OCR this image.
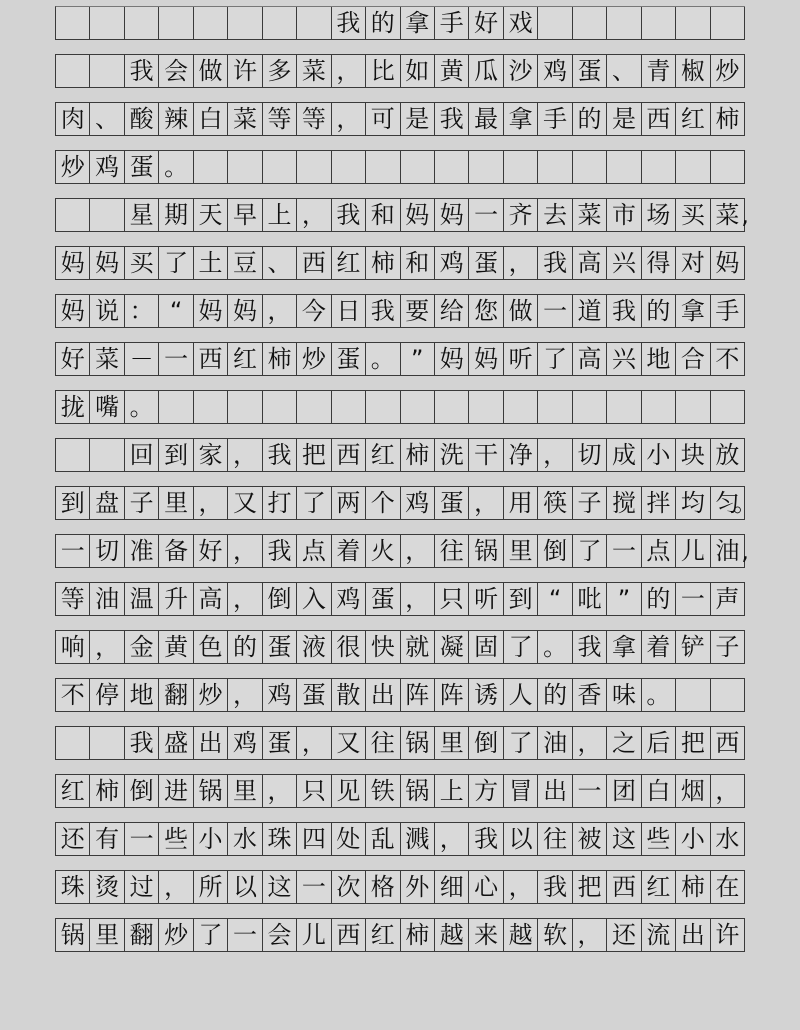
我 的 拿 手 好 戏
我 会 做 许 多 菜 ， 比 如 黄 瓜 沙 鸡 蛋 、 青 椒 炒
肉 、 酸 辣 白 菜 等 等 ， 可 是 我 最 拿 手 的 是 西 红 柿
炒 鸡 蛋 。
星 期 天 早 上 ， 我 和 妈 妈 一 齐 去 菜 市 场 买 菜 ,
妈 妈 买 了 土 豆 、 西 红 柿 和 鸡 蛋 ， 我 高 兴 得 对 妈
妈 说 ： “ 妈 妈 ， 今 日 我 要 给 您 做 一 道 我 的 拿 手
好 菜 － 一 西 红 柿 炒 蛋 。 ” 妈 妈 听 了 高 兴 地 合 不
拢 嘴 。
回 到 家 ， 我 把 西 红 柿 洗 干 净 ， 切 成 小 块 放
到 盘 子 里 ， 又 打 了 两 个 鸡 蛋 ， 用 筷 子 搅 拌 均 匀
。
一 切 准 备 好 ， 我 点 着 火 ， 往 锅 里 倒 了 一 点 儿 油 ,
等 油 温 升 高 ， 倒 入 鸡 蛋 ， 只 听 到 “ 吡 ” 的 一 声
响 ， 金 黄 色 的 蛋 液 很 快 就 凝 固 了 。 我 拿 着 铲 子
不 停 地 翻 炒 ， 鸡 蛋 散 出 阵 阵 诱 人 的 香 味 。
我 盛 出 鸡 蛋 ， 又 往 锅 里 倒 了 油 ， 之 后 把 西
红 柿 倒 进 锅 里 ， 只 见 铁 锅 上 方 冒 出 一 团 白 烟 ，
还 有 一 些 小 水 珠 四 处 乱 溅 ， 我 以 往 被 这 些 小 水
珠 烫 过 ， 所 以 这 一 次 格 外 细 心 ， 我 把 西 红 柿 在
锅 里 翻 炒 了 一 会 儿 西 红 柿 越 来 越 软 ， 还 流 出 许
